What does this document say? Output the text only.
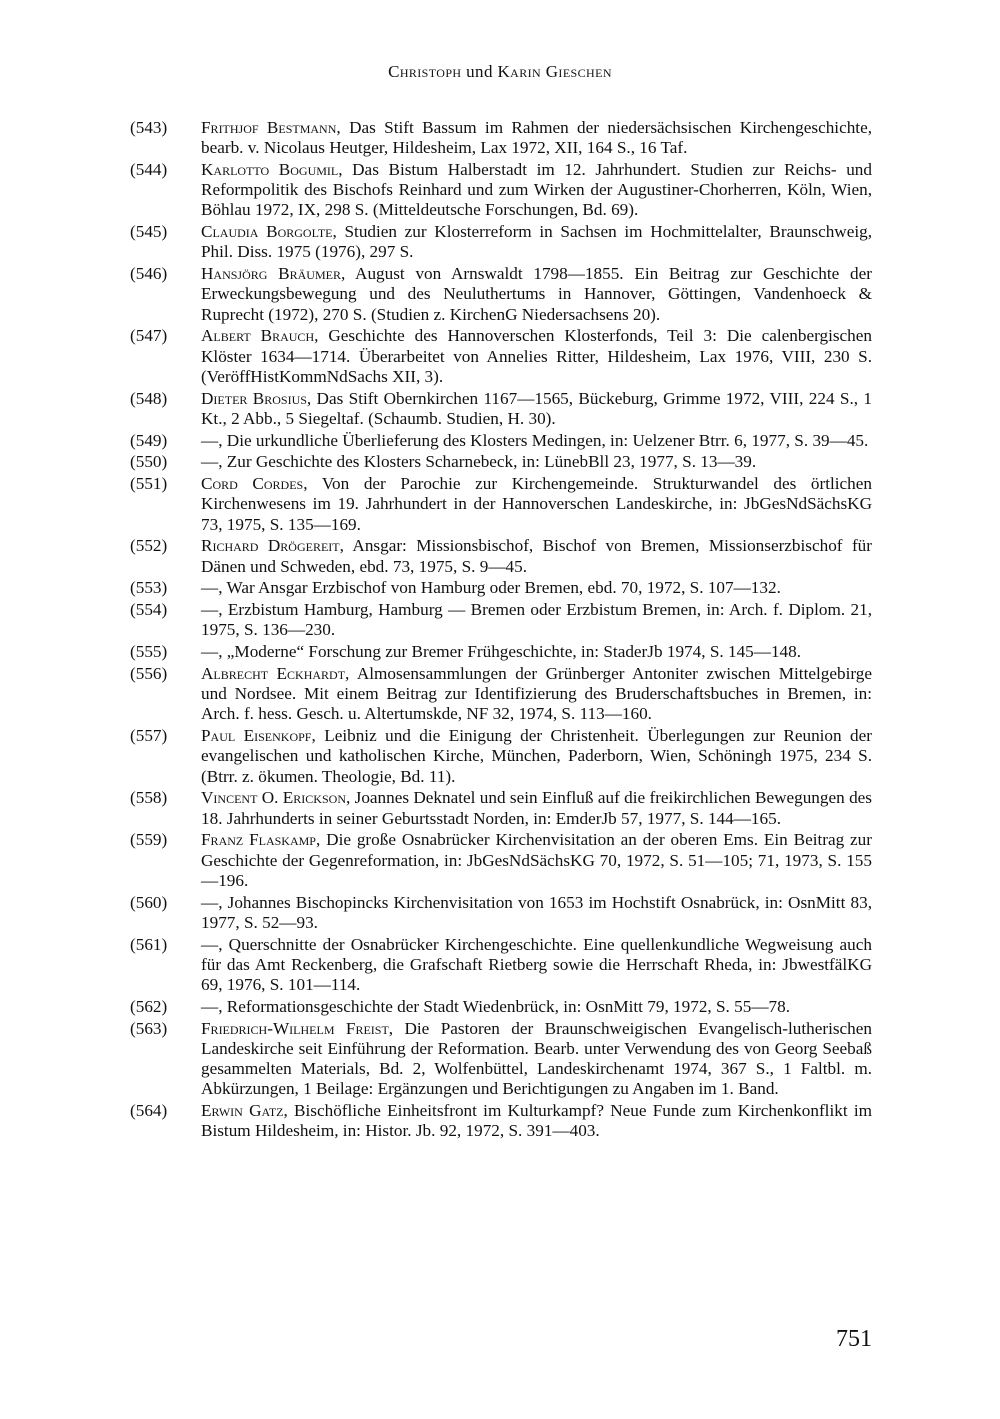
Christoph und Karin Gieschen
(543) Frithjof Bestmann, Das Stift Bassum im Rahmen der niedersächsischen Kirchengeschichte, bearb. v. Nicolaus Heutger, Hildesheim, Lax 1972, XII, 164 S., 16 Taf.
(544) Karlotto Bogumil, Das Bistum Halberstadt im 12. Jahrhundert. Studien zur Reichs- und Reformpolitik des Bischofs Reinhard und zum Wirken der Augustiner-Chorherren, Köln, Wien, Böhlau 1972, IX, 298 S. (Mitteldeutsche Forschungen, Bd. 69).
(545) Claudia Borgolte, Studien zur Klosterreform in Sachsen im Hochmittelalter, Braunschweig, Phil. Diss. 1975 (1976), 297 S.
(546) Hansjörg Bräumer, August von Arnswaldt 1798—1855. Ein Beitrag zur Geschichte der Erweckungsbewegung und des Neuluthertums in Hannover, Göttingen, Vandenhoeck & Ruprecht (1972), 270 S. (Studien z. KirchenG Niedersachsens 20).
(547) Albert Brauch, Geschichte des Hannoverschen Klosterfonds, Teil 3: Die calenbergischen Klöster 1634—1714. Überarbeitet von Annelies Ritter, Hildesheim, Lax 1976, VIII, 230 S. (VeröffHistKommNdSachs XII, 3).
(548) Dieter Brosius, Das Stift Obernkirchen 1167—1565, Bückeburg, Grimme 1972, VIII, 224 S., 1 Kt., 2 Abb., 5 Siegeltaf. (Schaumb. Studien, H. 30).
(549) —, Die urkundliche Überlieferung des Klosters Medingen, in: Uelzener Btrr. 6, 1977, S. 39—45.
(550) —, Zur Geschichte des Klosters Scharnebeck, in: LünebBll 23, 1977, S. 13—39.
(551) Cord Cordes, Von der Parochie zur Kirchengemeinde. Strukturwandel des örtlichen Kirchenwesens im 19. Jahrhundert in der Hannoverschen Landeskirche, in: JbGesNdSächsKG 73, 1975, S. 135—169.
(552) Richard Drögereit, Ansgar: Missionsbischof, Bischof von Bremen, Missionserzbischof für Dänen und Schweden, ebd. 73, 1975, S. 9—45.
(553) —, War Ansgar Erzbischof von Hamburg oder Bremen, ebd. 70, 1972, S. 107—132.
(554) —, Erzbistum Hamburg, Hamburg — Bremen oder Erzbistum Bremen, in: Arch. f. Diplom. 21, 1975, S. 136—230.
(555) —, „Moderne“ Forschung zur Bremer Frühgeschichte, in: StaderJb 1974, S. 145—148.
(556) Albrecht Eckhardt, Almosensammlungen der Grünberger Antoniter zwischen Mittelgebirge und Nordsee. Mit einem Beitrag zur Identifizierung des Bruderschaftsbuches in Bremen, in: Arch. f. hess. Gesch. u. Altertumskde, NF 32, 1974, S. 113—160.
(557) Paul Eisenkopf, Leibniz und die Einigung der Christenheit. Überlegungen zur Reunion der evangelischen und katholischen Kirche, München, Paderborn, Wien, Schöningh 1975, 234 S. (Btrr. z. ökumen. Theologie, Bd. 11).
(558) Vincent O. Erickson, Joannes Deknatel und sein Einfluß auf die freikirchlichen Bewegungen des 18. Jahrhunderts in seiner Geburtsstadt Norden, in: EmderJb 57, 1977, S. 144—165.
(559) Franz Flaskamp, Die große Osnabrücker Kirchenvisitation an der oberen Ems. Ein Beitrag zur Geschichte der Gegenreformation, in: JbGesNdSächsKG 70, 1972, S. 51—105; 71, 1973, S. 155—196.
(560) —, Johannes Bischopincks Kirchenvisitation von 1653 im Hochstift Osnabrück, in: OsnMitt 83, 1977, S. 52—93.
(561) —, Querschnitte der Osnabrücker Kirchengeschichte. Eine quellenkundliche Wegweisung auch für das Amt Reckenberg, die Grafschaft Rietberg sowie die Herrschaft Rheda, in: JbwestfälKG 69, 1976, S. 101—114.
(562) —, Reformationsgeschichte der Stadt Wiedenbrück, in: OsnMitt 79, 1972, S. 55—78.
(563) Friedrich-Wilhelm Freist, Die Pastoren der Braunschweigischen Evangelisch-lutherischen Landeskirche seit Einführung der Reformation. Bearb. unter Verwendung des von Georg Seebaß gesammelten Materials, Bd. 2, Wolfenbüttel, Landeskirchenamt 1974, 367 S., 1 Faltbl. m. Abkürzungen, 1 Beilage: Ergänzungen und Berichtigungen zu Angaben im 1. Band.
(564) Erwin Gatz, Bischöfliche Einheitsfront im Kulturkampf? Neue Funde zum Kirchenkonflikt im Bistum Hildesheim, in: Histor. Jb. 92, 1972, S. 391—403.
751
